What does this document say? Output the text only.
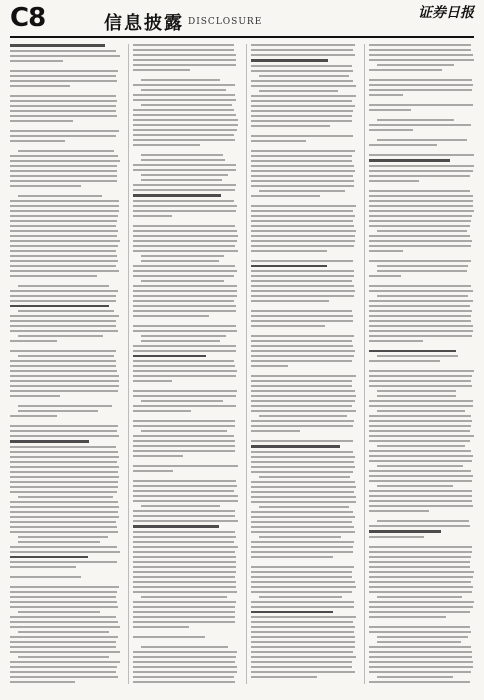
C8	信息披露 DISCLOSURE
证券日报
